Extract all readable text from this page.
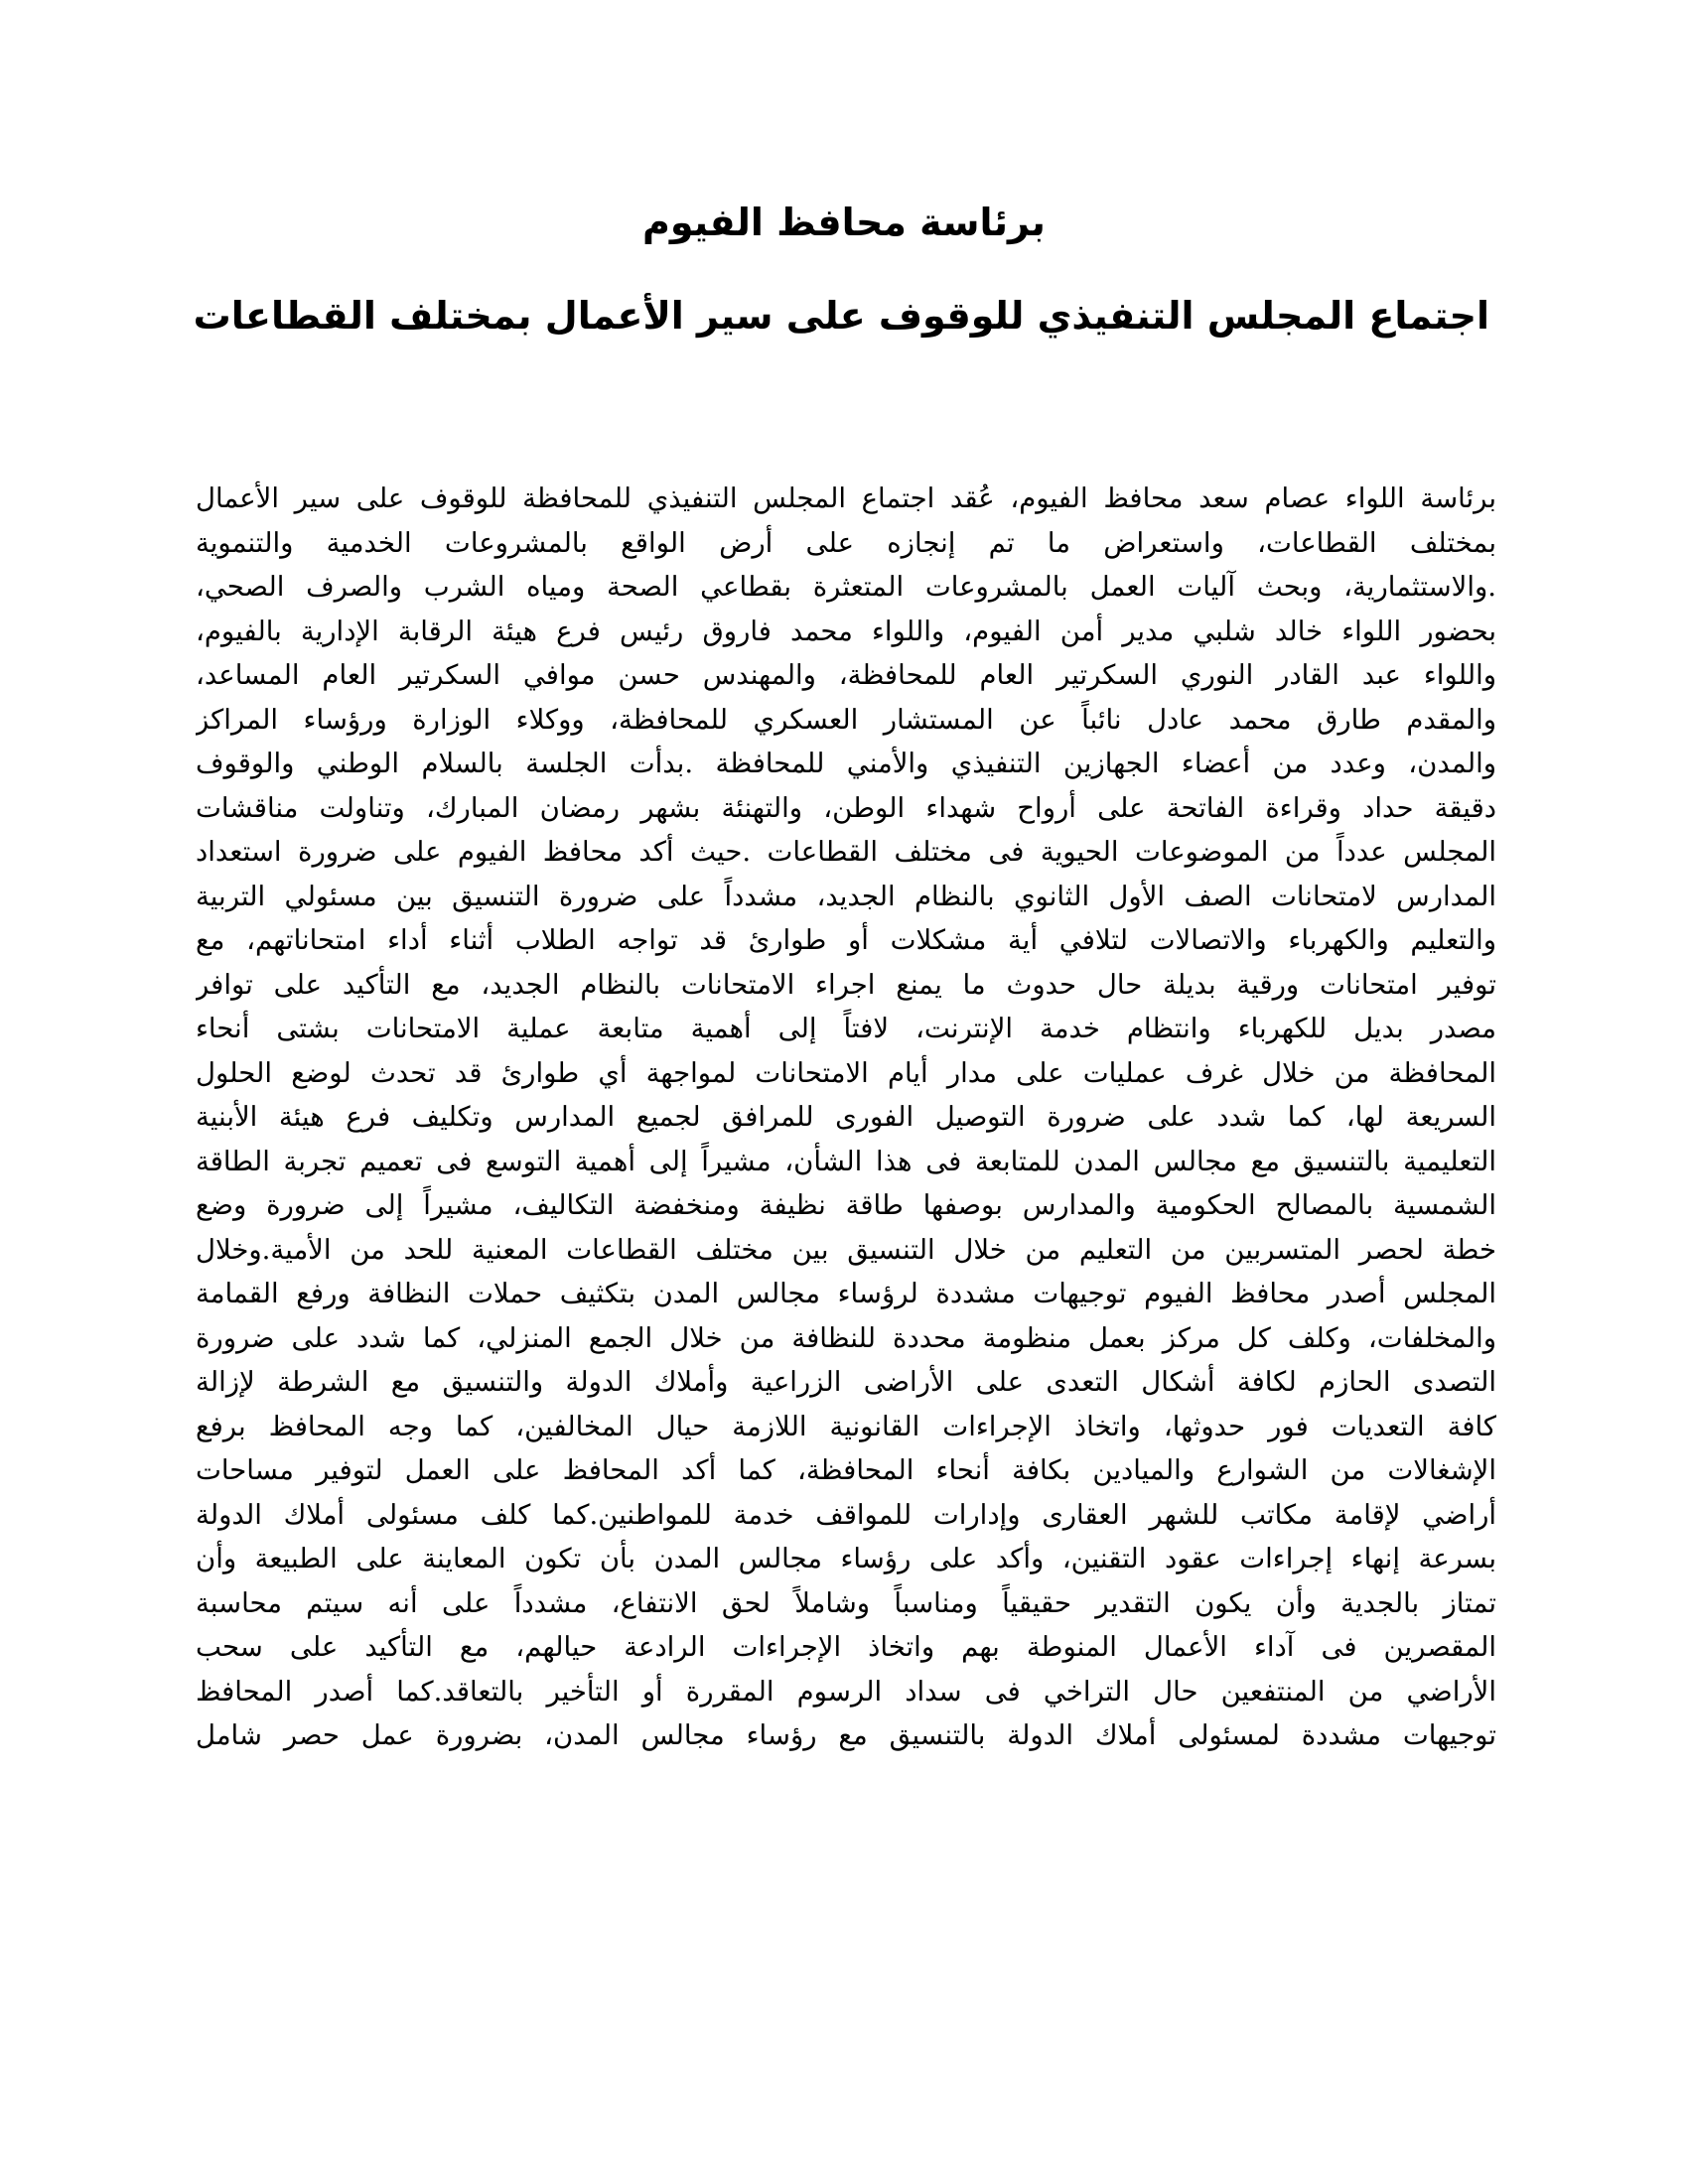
برئاسة محافظ الفيوم
اجتماع المجلس التنفيذي للوقوف على سير الأعمال بمختلف القطاعات
برئاسة اللواء عصام سعد محافظ الفيوم، عُقد اجتماع المجلس التنفيذي للمحافظة للوقوف على سير الأعمال
بمختلف القطاعات، واستعراض ما تم إنجازه على أرض الواقع بالمشروعات الخدمية والتنموية
.والاستثمارية، وبحث آليات العمل بالمشروعات المتعثرة بقطاعي الصحة ومياه الشرب والصرف الصحي،
بحضور اللواء خالد شلبي مدير أمن الفيوم، واللواء محمد فاروق رئيس فرع هيئة الرقابة الإدارية بالفيوم،
واللواء عبد القادر النوري السكرتير العام للمحافظة، والمهندس حسن موافي السكرتير العام المساعد،
والمقدم طارق محمد عادل نائباً عن المستشار العسكري للمحافظة، ووكلاء الوزارة ورؤساء المراكز
والمدن، وعدد من أعضاء الجهازين التنفيذي والأمني للمحافظة .بدأت الجلسة بالسلام الوطني والوقوف
دقيقة حداد وقراءة الفاتحة على أرواح شهداء الوطن، والتهنئة بشهر رمضان المبارك، وتناولت مناقشات
المجلس عدداً من الموضوعات الحيوية فى مختلف القطاعات .حيث أكد محافظ الفيوم على ضرورة استعداد
المدارس لامتحانات الصف الأول الثانوي بالنظام الجديد، مشدداً على ضرورة التنسيق بين مسئولي التربية
والتعليم والكهرباء والاتصالات لتلافي أية مشكلات أو طوارئ قد تواجه الطلاب أثناء أداء امتحاناتهم، مع
توفير امتحانات ورقية بديلة حال حدوث ما يمنع اجراء الامتحانات بالنظام الجديد، مع التأكيد على توافر
مصدر بديل للكهرباء وانتظام خدمة الإنترنت، لافتاً إلى أهمية متابعة عملية الامتحانات بشتى أنحاء
المحافظة من خلال غرف عمليات على مدار أيام الامتحانات لمواجهة أي طوارئ قد تحدث لوضع الحلول
السريعة لها، كما شدد على ضرورة التوصيل الفورى للمرافق لجميع المدارس وتكليف فرع هيئة الأبنية
التعليمية بالتنسيق مع مجالس المدن للمتابعة فى هذا الشأن، مشيراً إلى أهمية التوسع فى تعميم تجربة الطاقة
الشمسية بالمصالح الحكومية والمدارس بوصفها طاقة نظيفة ومنخفضة التكاليف، مشيراً إلى ضرورة وضع
خطة لحصر المتسربين من التعليم من خلال التنسيق بين مختلف القطاعات المعنية للحد من الأمية.وخلال
المجلس أصدر محافظ الفيوم توجيهات مشددة لرؤساء مجالس المدن بتكثيف حملات النظافة ورفع القمامة
والمخلفات، وكلف كل مركز بعمل منظومة محددة للنظافة من خلال الجمع المنزلي، كما شدد على ضرورة
التصدى الحازم لكافة أشكال التعدى على الأراضى الزراعية وأملاك الدولة والتنسيق مع الشرطة لإزالة
كافة التعديات فور حدوثها، واتخاذ الإجراءات القانونية اللازمة حيال المخالفين، كما وجه المحافظ برفع
الإشغالات من الشوارع والميادين بكافة أنحاء المحافظة، كما أكد المحافظ على العمل لتوفير مساحات
أراضي لإقامة مكاتب للشهر العقارى وإدارات للمواقف خدمة للمواطنين.كما كلف مسئولى أملاك الدولة
بسرعة إنهاء إجراءات عقود التقنين، وأكد على رؤساء مجالس المدن بأن تكون المعاينة على الطبيعة وأن
تمتاز بالجدية وأن يكون التقدير حقيقياً ومناسباً وشاملاً لحق الانتفاع، مشدداً على أنه سيتم محاسبة
المقصرين فى آداء الأعمال المنوطة بهم واتخاذ الإجراءات الرادعة حيالهم، مع التأكيد على سحب
الأراضي من المنتفعين حال التراخي فى سداد الرسوم المقررة أو التأخير بالتعاقد.كما أصدر المحافظ
توجيهات مشددة لمسئولى أملاك الدولة بالتنسيق مع رؤساء مجالس المدن، بضرورة عمل حصر شامل
